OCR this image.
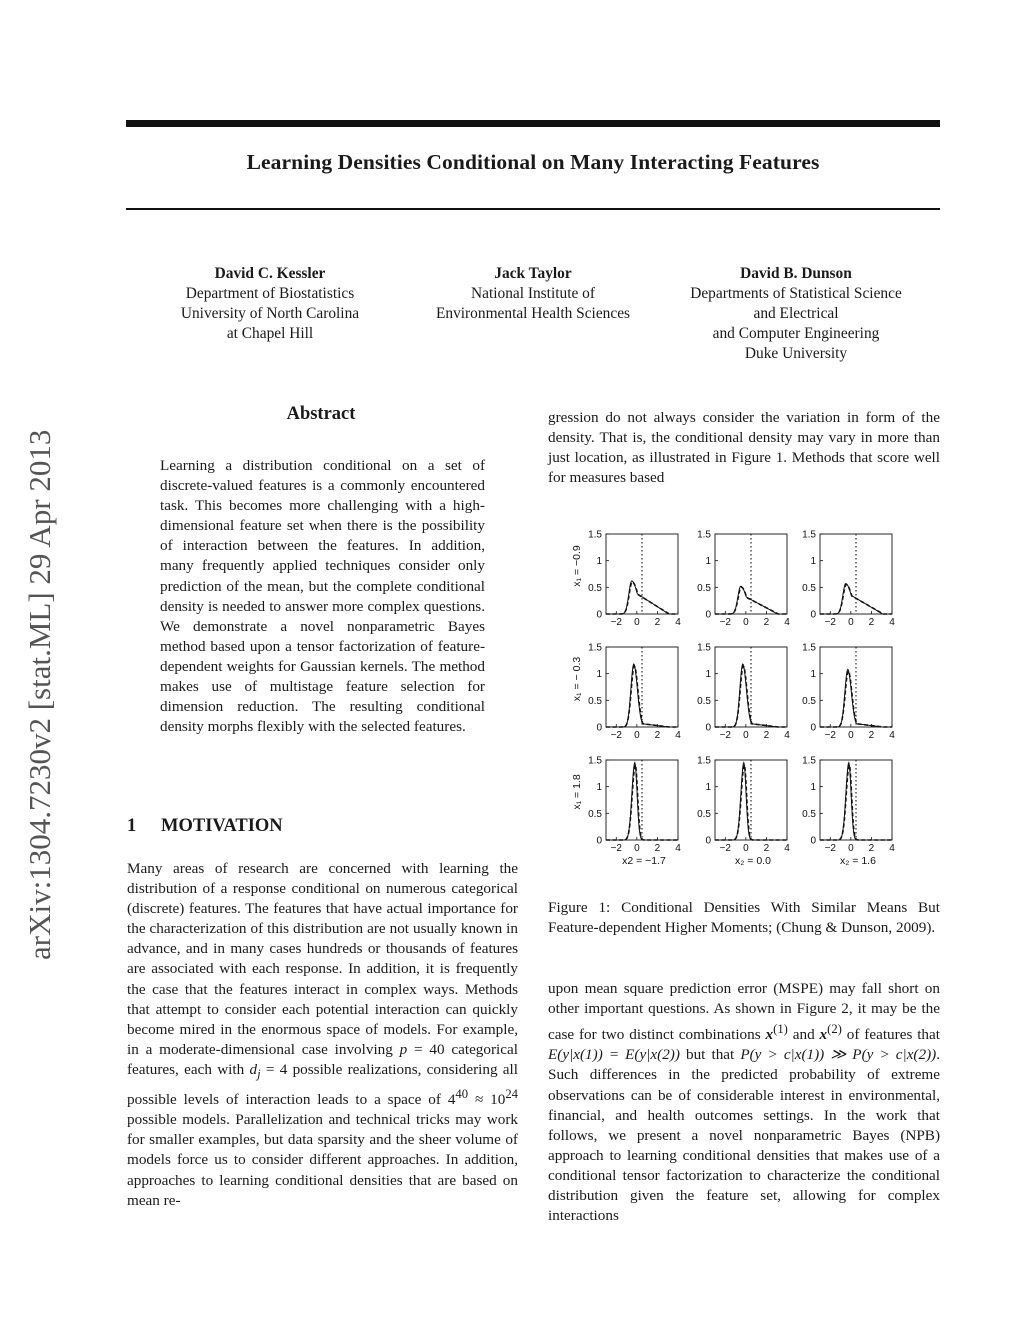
Learning Densities Conditional on Many Interacting Features
arXiv:1304.7230v2 [stat.ML] 29 Apr 2013
David C. Kessler
Department of Biostatistics
University of North Carolina
at Chapel Hill
Jack Taylor
National Institute of
Environmental Health Sciences
David B. Dunson
Departments of Statistical Science
and Electrical
and Computer Engineering
Duke University
Abstract
Learning a distribution conditional on a set of discrete-valued features is a commonly encountered task. This becomes more challenging with a high-dimensional feature set when there is the possibility of interaction between the features. In addition, many frequently applied techniques consider only prediction of the mean, but the complete conditional density is needed to answer more complex questions. We demonstrate a novel nonparametric Bayes method based upon a tensor factorization of feature-dependent weights for Gaussian kernels. The method makes use of multistage feature selection for dimension reduction. The resulting conditional density morphs flexibly with the selected features.
1 MOTIVATION
Many areas of research are concerned with learning the distribution of a response conditional on numerous categorical (discrete) features. The features that have actual importance for the characterization of this distribution are not usually known in advance, and in many cases hundreds or thousands of features are associated with each response. In addition, it is frequently the case that the features interact in complex ways. Methods that attempt to consider each potential interaction can quickly become mired in the enormous space of models. For example, in a moderate-dimensional case involving p = 40 categorical features, each with $d_j = 4$ possible realizations, considering all possible levels of interaction leads to a space of $4^{40} \approx 10^{24}$ possible models. Parallelization and technical tricks may work for smaller examples, but data sparsity and the sheer volume of models force us to consider different approaches. In addition, approaches to learning conditional densities that are based on mean re-
gression do not always consider the variation in form of the density. That is, the conditional density may vary in more than just location, as illustrated in Figure 1. Methods that score well for measures based
0
0.5
1
1.5
−2 0 2 4
0
0.5
1
1.5
−2 0 2 4
0
0.5
1
1.5
−2 0 2 4
0
0.5
1
1.5
−2 0 2 4
0
0.5
1
1.5
−2 0 2 4
0
0.5
1
1.5
−2 0 2 4
0
0.5
1
1.5
−2 0 2 4
0
0.5
1
1.5
−2 0 2 4
0
0.5
1
1.5
−2 0 2 4
x₁ = −0.9
x₁ = − 0.3
x₁ = 1.8
x2 = −1.7	x₂ = 0.0	x₂ = 1.6
Figure 1: Conditional Densities With Similar Means But Feature-dependent Higher Moments; (Chung & Dunson, 2009).
upon mean square prediction error (MSPE) may fall short on other important questions. As shown in Figure 2, it may be the case for two distinct combinations $x^{(1)}$ and $x^{(2)}$ of features that E(y|x(1)) = E(y|x(2)) but that P(y > c|x(1)) ≫ P(y > c|x(2)). Such differences in the predicted probability of extreme observations can be of considerable interest in environmental, financial, and health outcomes settings. In the work that follows, we present a novel nonparametric Bayes (NPB) approach to learning conditional densities that makes use of a conditional tensor factorization to characterize the conditional distribution given the feature set, allowing for complex interactions
